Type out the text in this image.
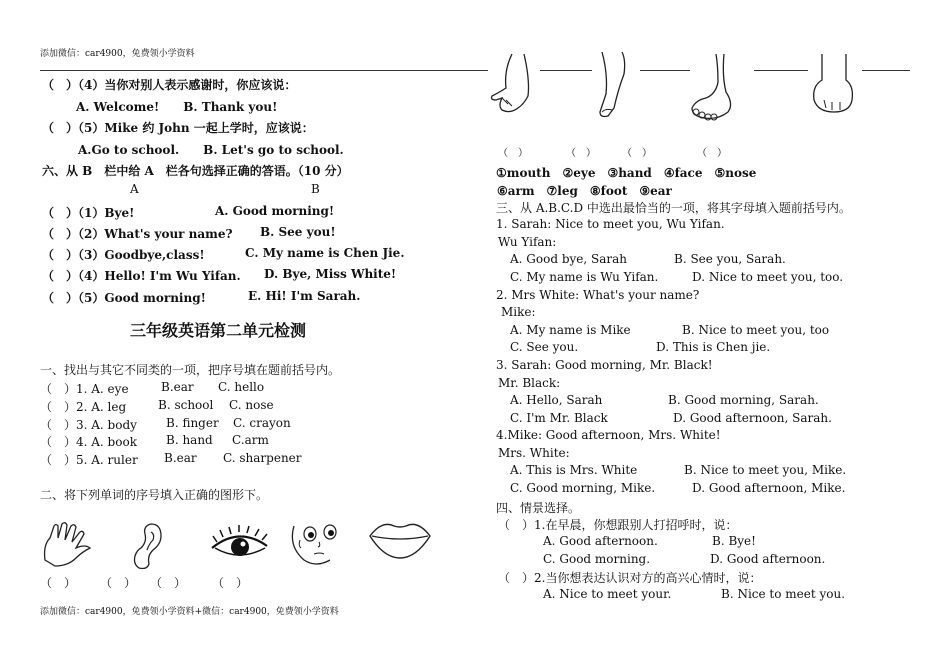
添加微信：car4900，免费领小学资料
（　）（4）当你对别人表示感谢时，你应该说：
A. Welcome!　　B. Thank you!
（　）（5）Mike 约 John 一起上学时，应该说：
A.Go to school.　　B. Let's go to school.
六、从 B　栏中给 A　栏各句选择正确的答语。（10 分）
A	B
（　）（1）Bye!	A. Good morning!
（　）（2）What's your name? B. See you!
（　）（3）Goodbye,class!	C. My name is Chen Jie.
（　）（4）Hello! I'm Wu Yifan. D. Bye, Miss White!
（　）（5）Good morning!	E. Hi! I'm Sarah.
三年级英语第二单元检测
一、找出与其它不同类的一项，把序号填在题前括号内。
（　）1. A. eye	B.ear C. hello
（　）2. A. leg	B. school C. nose
（　）3. A. body B. finger C. crayon
（　）4. A. book B. hand C.arm
（　）5. A. ruler B.ear C. sharpener
二、将下列单词的序号填入正确的图形下。
（　） （　） （　） （　）
添加微信：car4900，免费领小学资料+微信：car4900，免费领小学资料
（　）	（　）	（　）	（　）
①mouth　②eye　③hand　④face　⑤nose
⑥arm　⑦leg　⑧foot　⑨ear
三、从 A.B.C.D 中选出最恰当的一项，将其字母填入题前括号内。
1. Sarah: Nice to meet you, Wu Yifan.
Wu Yifan:
A. Good bye, Sarah	B. See you, Sarah.
C. My name is Wu Yifan.	D. Nice to meet you, too.
2. Mrs White: What's your name?
Mike:
A. My name is Mike	B. Nice to meet you, too
C. See you.	D. This is Chen jie.
3. Sarah: Good morning, Mr. Black!
Mr. Black:
A. Hello, Sarah	B. Good morning, Sarah.
C. I'm Mr. Black	D. Good afternoon, Sarah.
4.Mike: Good afternoon, Mrs. White!
Mrs. White:
A. This is Mrs. White	B. Nice to meet you, Mike.
C. Good morning, Mike.	D. Good afternoon, Mike.
四、情景选择。
（　）1.在早晨，你想跟别人打招呼时，说：
A. Good afternoon.	B. Bye!
C. Good morning.	D. Good afternoon.
（　）2.当你想表达认识对方的高兴心情时，说：
A. Nice to meet your.	B. Nice to meet you.
